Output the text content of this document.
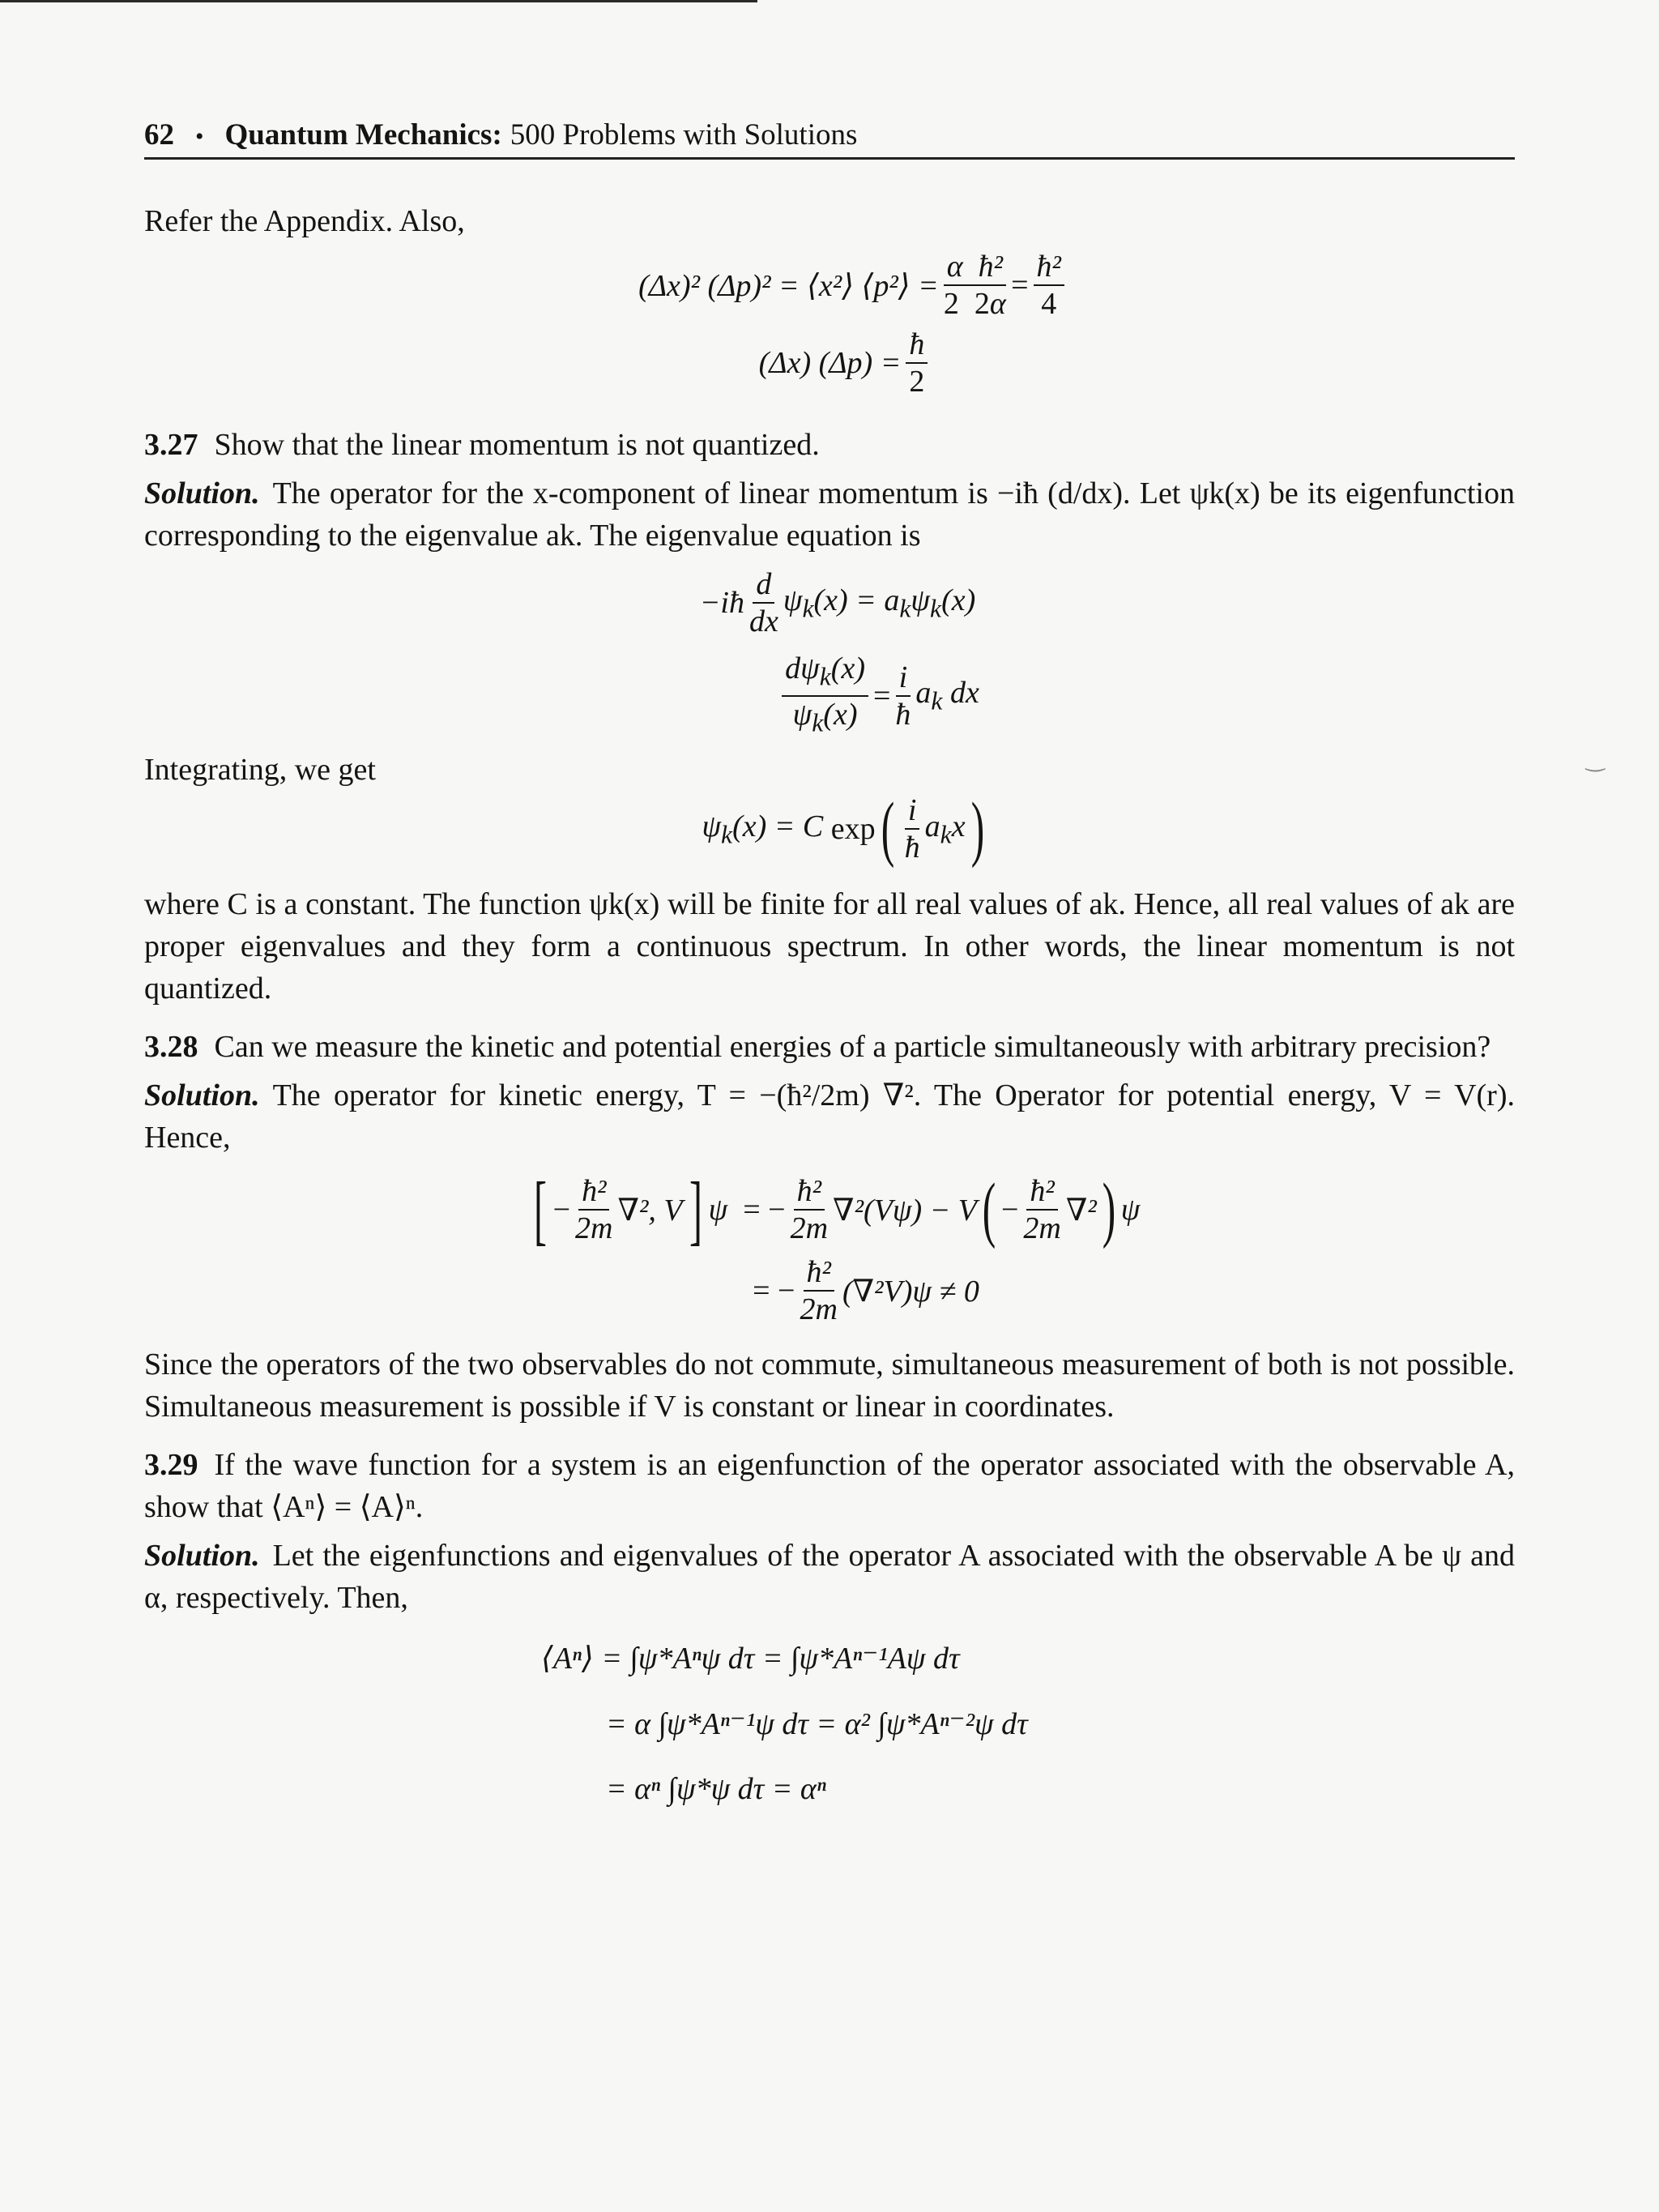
62 • Quantum Mechanics: 500 Problems with Solutions

Refer the Appendix. Also,

(Δx)² (Δp)² = ⟨x²⟩ ⟨p²⟩ = $\frac{\text{α  ħ²}}{2 2\alpha} = \frac{\text{ħ²}}{4}$
(Δx) $(\Delta p) = \frac{ħ}{2}$

3.27 Show that the linear momentum is not quantized.

Solution. The operator for the x-component of linear momentum is −iħ (d/dx). Let ψk(x) be its eigenfunction corresponding to the eigenvalue ak. The eigenvalue equation is

−iħ
d
dx
$\psi_k(x) = a_k\psi_k(x)$
$d\psi_k(x)$
$\psi_k(x)$
= $\frac{i}{ħ} a_k$ dx

Integrating, we get

$\psi_k(x) = C$ exp ( i
ħ
$a_kx$ )

where C is a constant. The function ψk(x) will be finite for all real values of ak. Hence, all real values of ak are proper eigenvalues and they form a continuous spectrum. In other words, the linear momentum is not quantized.

3.28 Can we measure the kinetic and potential energies of a particle simultaneously with arbitrary precision?

Solution. The operator for kinetic energy, T = −(ħ²/2m) ∇². The Operator for potential energy, V = V(r). Hence,

[ − $\frac{\text{ħ²}}{2m} \nabla^2$, V ] ψ = −
ħ²
2m
∇²(Vψ) − V ( − $\frac{\text{ħ²}}{2m} \nabla^2$ ) ψ
= − $\frac{\text{ħ²}}{2m} (\nabla^2V)\psi \ne 0$

Since the operators of the two observables do not commute, simultaneous measurement of both is not possible. Simultaneous measurement is possible if V is constant or linear in coordinates.

3.29 If the wave function for a system is an eigenfunction of the operator associated with the observable A, show that ⟨Aⁿ⟩ = ⟨A⟩ⁿ.

Solution. Let the eigenfunctions and eigenvalues of the operator A associated with the observable A be ψ and α, respectively. Then,

⟨Aⁿ⟩ = ∫ψ*Aⁿψ dτ = ∫ψ*Aⁿ⁻¹Aψ dτ
= α ∫ψ*Aⁿ⁻¹ψ dτ = α² ∫ψ*Aⁿ⁻²ψ dτ
= αⁿ ∫ψ*ψ dτ = αⁿ
‿
